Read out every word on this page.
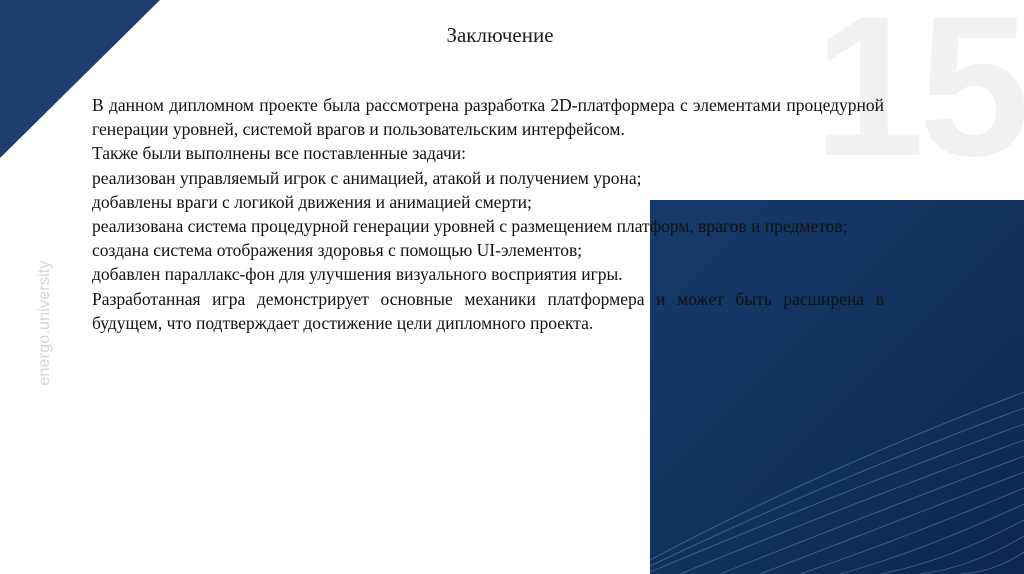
15
Заключение
energo.university

В данном дипломном проекте была рассмотрена разработка 2D-платформера с элементами процедурной генерации уровней, системой врагов и пользовательским интерфейсом.

Также были выполнены все поставленные задачи:

реализован управляемый игрок с анимацией, атакой и получением урона;

добавлены враги с логикой движения и анимацией смерти;

реализована система процедурной генерации уровней с размещением платформ, врагов и предметов;

создана система отображения здоровья с помощью UI-элементов;

добавлен параллакс-фон для улучшения визуального восприятия игры.

Разработанная игра демонстрирует основные механики платформера и может быть расширена в будущем, что подтверждает достижение цели дипломного проекта.
